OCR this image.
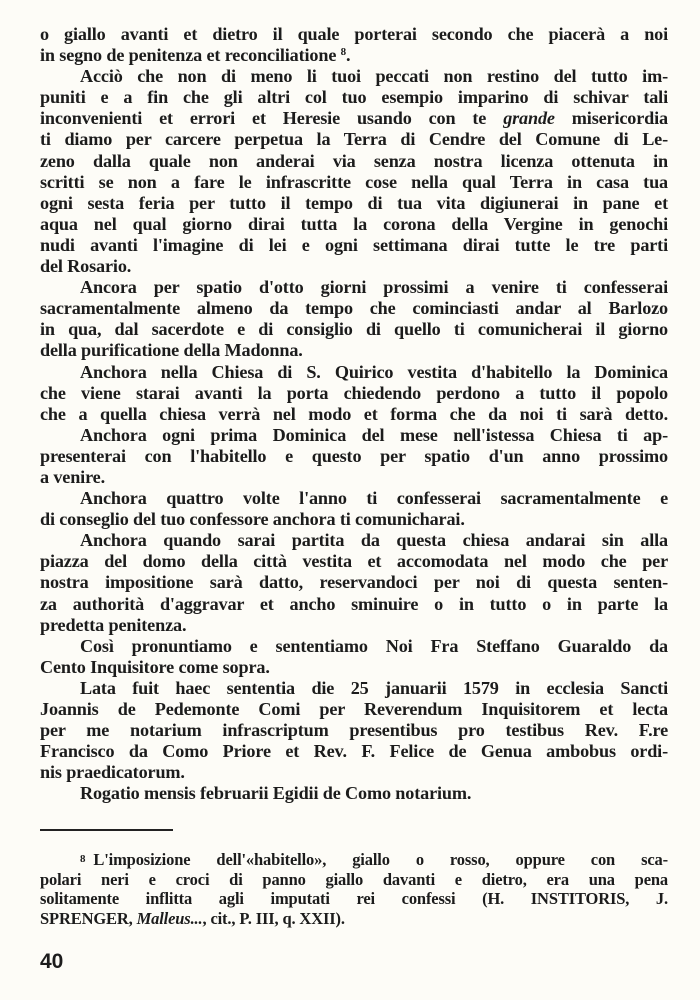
o giallo avanti et dietro il quale porterai secondo che piacerà a noi
in segno de penitenza et reconciliatione $^8$.
Acciò che non di meno li tuoi peccati non restino del tutto im-
puniti e a fin che gli altri col tuo esempio imparino di schivar tali
inconvenienti et errori et Heresie usando con te grande misericordia
ti diamo per carcere perpetua la Terra di Cendre del Comune di Le-
zeno dalla quale non anderai via senza nostra licenza ottenuta in
scritti se non a fare le infrascritte cose nella qual Terra in casa tua
ogni sesta feria per tutto il tempo di tua vita digiunerai in pane et
aqua nel qual giorno dirai tutta la corona della Vergine in genochi
nudi avanti l'imagine di lei e ogni settimana dirai tutte le tre parti
del Rosario.
Ancora per spatio d'otto giorni prossimi a venire ti confesserai
sacramentalmente almeno da tempo che cominciasti andar al Barlozo
in qua, dal sacerdote e di consiglio di quello ti comunicherai il giorno
della purificatione della Madonna.
Anchora nella Chiesa di S. Quirico vestita d'habitello la Dominica
che viene starai avanti la porta chiedendo perdono a tutto il popolo
che a quella chiesa verrà nel modo et forma che da noi ti sarà detto.
Anchora ogni prima Dominica del mese nell'istessa Chiesa ti ap-
presenterai con l'habitello e questo per spatio d'un anno prossimo
a venire.
Anchora quattro volte l'anno ti confesserai sacramentalmente e
di conseglio del tuo confessore anchora ti comunicharai.
Anchora quando sarai partita da questa chiesa andarai sin alla
piazza del domo della città vestita et accomodata nel modo che per
nostra impositione sarà datto, reservandoci per noi di questa senten-
za authorità d'aggravar et ancho sminuire o in tutto o in parte la
predetta penitenza.
Così pronuntiamo e sententiamo Noi Fra Steffano Guaraldo da
Cento Inquisitore come sopra.
Lata fuit haec sententia die 25 januarii 1579 in ecclesia Sancti
Joannis de Pedemonte Comi per Reverendum Inquisitorem et lecta
per me notarium infrascriptum presentibus pro testibus Rev. F.re
Francisco da Como Priore et Rev. F. Felice de Genua ambobus ordi-
nis praedicatorum.
Rogatio mensis februarii Egidii de Como notarium.
8 L'imposizione dell'«habitello», giallo o rosso, oppure con sca-
polari neri e croci di panno giallo davanti e dietro, era una pena
solitamente inflitta agli imputati rei confessi (H. INSTITORIS, J.
SPRENGER, Malleus..., cit., P. III, q. XXII).
40
